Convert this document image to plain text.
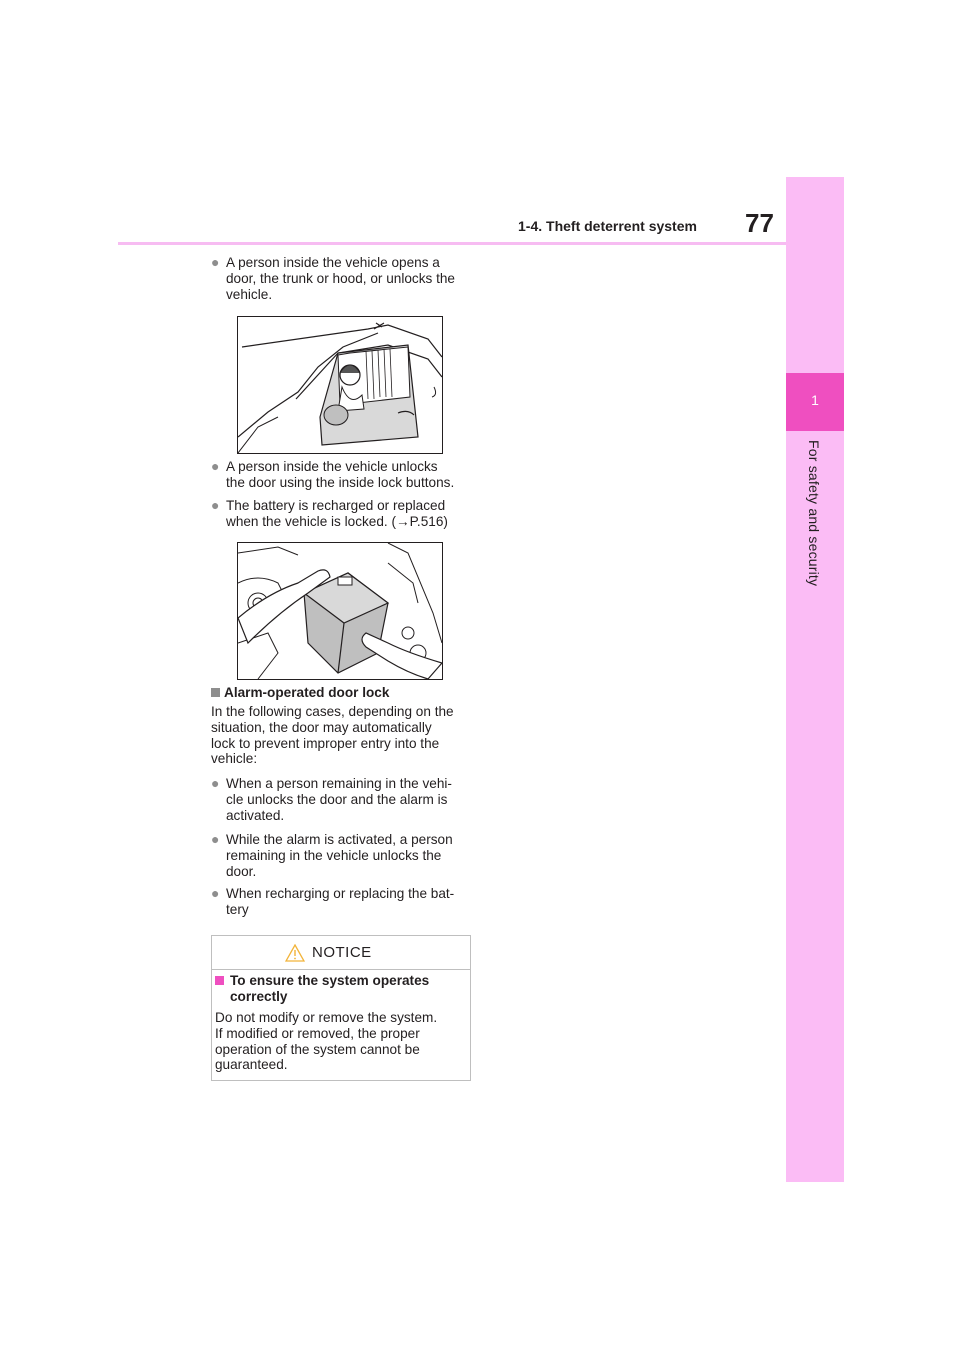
1-4. Theft deterrent system 77
1
For safety and security
● A person inside the vehicle opens a
door, the trunk or hood, or unlocks the
vehicle.
● A person inside the vehicle unlocks
the door using the inside lock buttons.
● The battery is recharged or replaced
when the vehicle is locked. (→P.516)
Alarm-operated door lock
In the following cases, depending on the
situation, the door may automatically
lock to prevent improper entry into the
vehicle:
● When a person remaining in the vehi-
cle unlocks the door and the alarm is
activated.
● While the alarm is activated, a person
remaining in the vehicle unlocks the
door.
● When recharging or replacing the bat-
tery
NOTICE
To ensure the system operates
correctly
Do not modify or remove the system.
If modified or removed, the proper
operation of the system cannot be
guaranteed.
